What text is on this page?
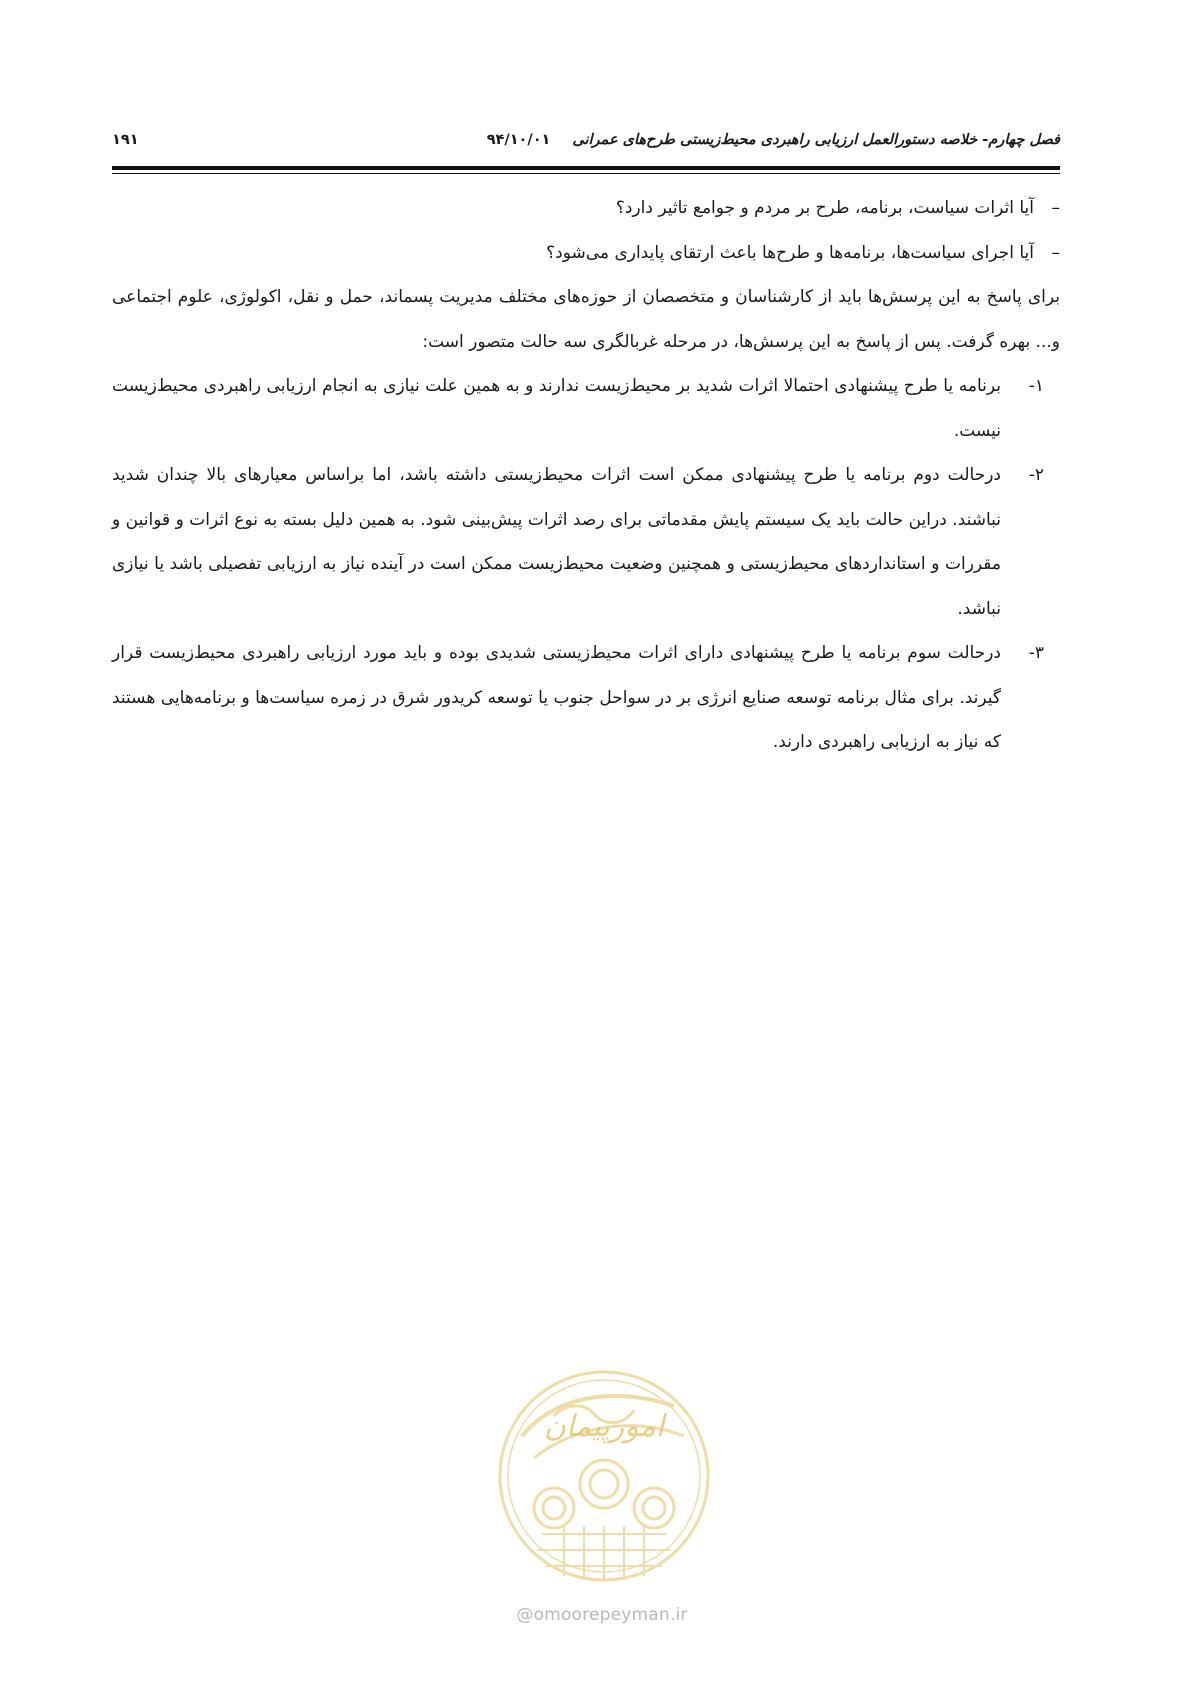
فصل چهارم- خلاصه دستورالعمل ارزیابی راهبردی محیط‌زیستی طرح‌های عمرانی۹۴/۱۰/۰۱
۱۹۱

–
آیا اثرات سیاست، برنامه، طرح بر مردم و جوامع تاثیر دارد؟

–
آیا اجرای سیاست‌ها، برنامه‌ها و طرح‌ها باعث ارتقای پایداری می‌شود؟

برای پاسخ به این پرسش‌ها باید از کارشناسان و متخصصان از حوزه‌های مختلف مدیریت پسماند، حمل و نقل، اکولوژی، علوم اجتماعی و... بهره گرفت. پس از پاسخ به این پرسش‌ها، در مرحله غربالگری سه حالت متصور است:

۱-
برنامه یا طرح پیشنهادی احتمالا اثرات شدید بر محیط‌زیست ندارند و به همین علت نیازی به انجام ارزیابی راهبردی محیط‌زیست نیست.
۲-
درحالت دوم برنامه یا طرح پیشنهادی ممکن است اثرات محیط‌زیستی داشته باشد، اما براساس معیارهای بالا چندان شدید نباشند. دراین حالت باید یک سیستم پایش مقدماتی برای رصد اثرات پیش‌بینی شود. به همین دلیل بسته به نوع اثرات و قوانین و مقررات و استانداردهای محیط‌زیستی و همچنین وضعیت محیط‌زیست ممکن است در آینده نیاز به ارزیابی تفصیلی باشد یا نیازی نباشد.
۳-
درحالت سوم برنامه یا طرح پیشنهادی دارای اثرات محیط‌زیستی شدیدی بوده و باید مورد ارزیابی راهبردی محیط‌زیست قرار گیرند. برای مثال برنامه توسعه صنایع انرژی بر در سواحل جنوب یا توسعه کریدور شرق در زمره سیاست‌ها و برنامه‌هایی هستند که نیاز به ارزیابی راهبردی دارند.
امورپیمان
@omoorepeyman.ir
